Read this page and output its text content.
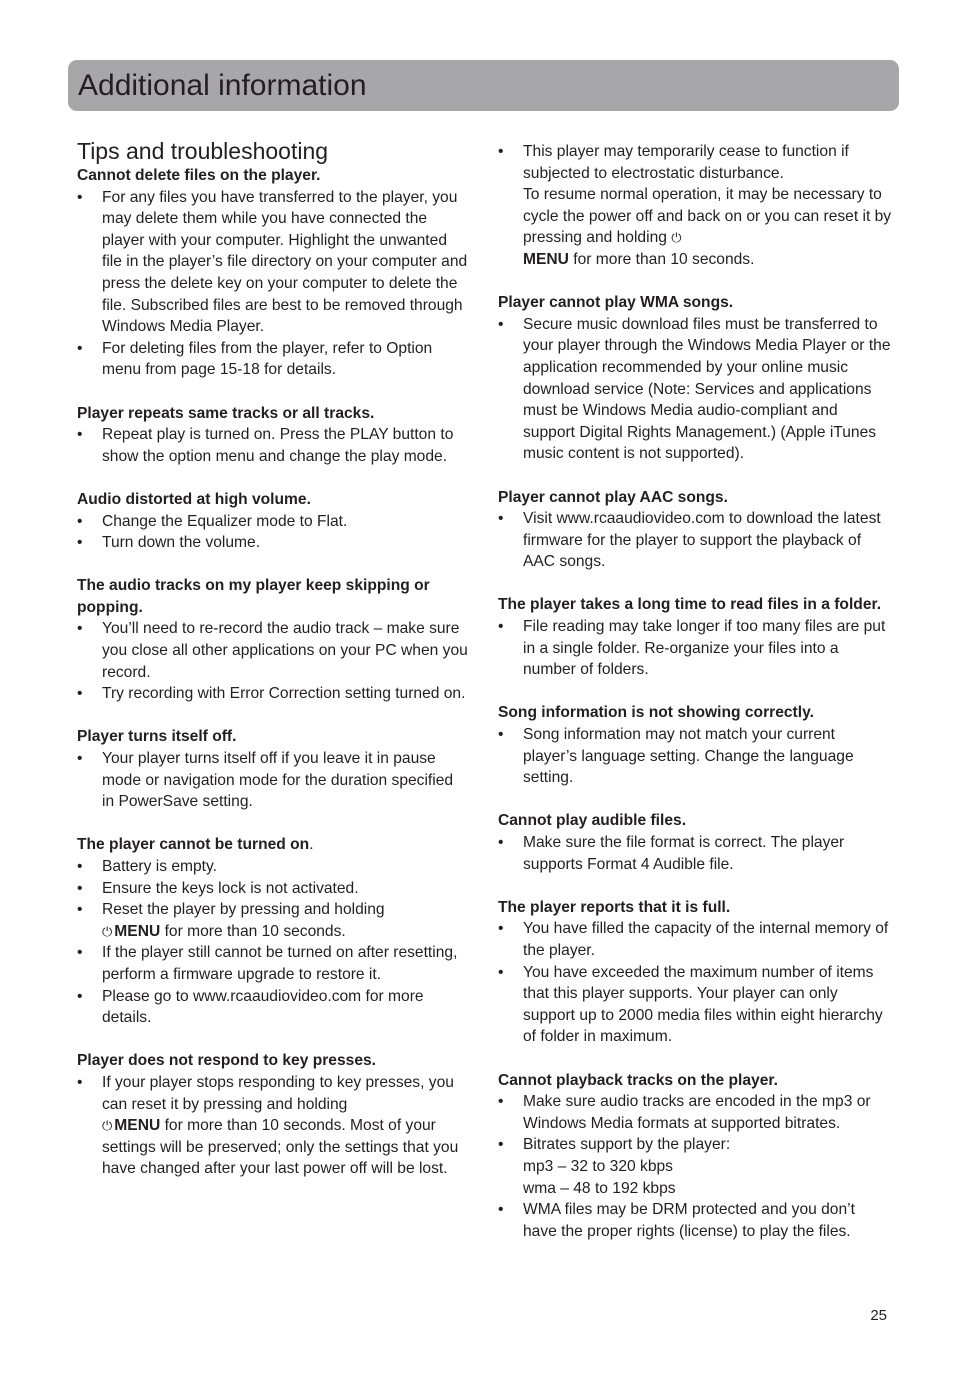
Additional information
Tips and troubleshooting
Cannot delete files on the player.
• For any files you have transferred to the player, you may delete them while you have connected the player with your computer. Highlight the unwanted file in the player’s file directory on your computer and press the delete key on your computer to delete the file. Subscribed files are best to be removed through Windows Media Player.
• For deleting files from the player, refer to Option menu from page 15-18 for details.
Player repeats same tracks or all tracks.
• Repeat play is turned on. Press the PLAY button to show the option menu and change the play mode.
Audio distorted at high volume.
• Change the Equalizer mode to Flat.
• Turn down the volume.
The audio tracks on my player keep skipping or popping.
• You’ll need to re-record the audio track – make sure you close all other applications on your PC when you record.
• Try recording with Error Correction setting turned on.
Player turns itself off.
• Your player turns itself off if you leave it in pause mode or navigation mode for the duration specified in PowerSave setting.
The player cannot be turned on.
• Battery is empty.
• Ensure the keys lock is not activated.
• Reset the player by pressing and holding
⏻ MENU for more than 10 seconds.
• If the player still cannot be turned on after resetting, perform a firmware upgrade to restore it.
• Please go to www.rcaaudiovideo.com for more details.
Player does not respond to key presses.
• If your player stops responding to key presses, you can reset it by pressing and holding
⏻ MENU for more than 10 seconds. Most of your settings will be preserved; only the settings that you have changed after your last power off will be lost.
• This player may temporarily cease to function if subjected to electrostatic disturbance.
To resume normal operation, it may be necessary to cycle the power off and back on or you can reset it by pressing and holding ⏻
MENU for more than 10 seconds.
Player cannot play WMA songs.
• Secure music download files must be transferred to your player through the Windows Media Player or the application recommended by your online music download service (Note: Services and applications must be Windows Media audio-compliant and support Digital Rights Management.) (Apple iTunes music content is not supported).
Player cannot play AAC songs.
• Visit www.rcaaudiovideo.com to download the latest firmware for the player to support the playback of AAC songs.
The player takes a long time to read files in a folder.
• File reading may take longer if too many files are put in a single folder. Re-organize your files into a number of folders.
Song information is not showing correctly.
• Song information may not match your current player’s language setting. Change the language setting.
Cannot play audible files.
• Make sure the file format is correct. The player supports Format 4 Audible file.
The player reports that it is full.
• You have filled the capacity of the internal memory of the player.
• You have exceeded the maximum number of items that this player supports. Your player can only support up to 2000 media files within eight hierarchy of folder in maximum.
Cannot playback tracks on the player.
• Make sure audio tracks are encoded in the mp3 or Windows Media formats at supported bitrates.
• Bitrates support by the player:
mp3 – 32 to 320 kbps
wma – 48 to 192 kbps
• WMA files may be DRM protected and you don’t have the proper rights (license) to play the files.
25
